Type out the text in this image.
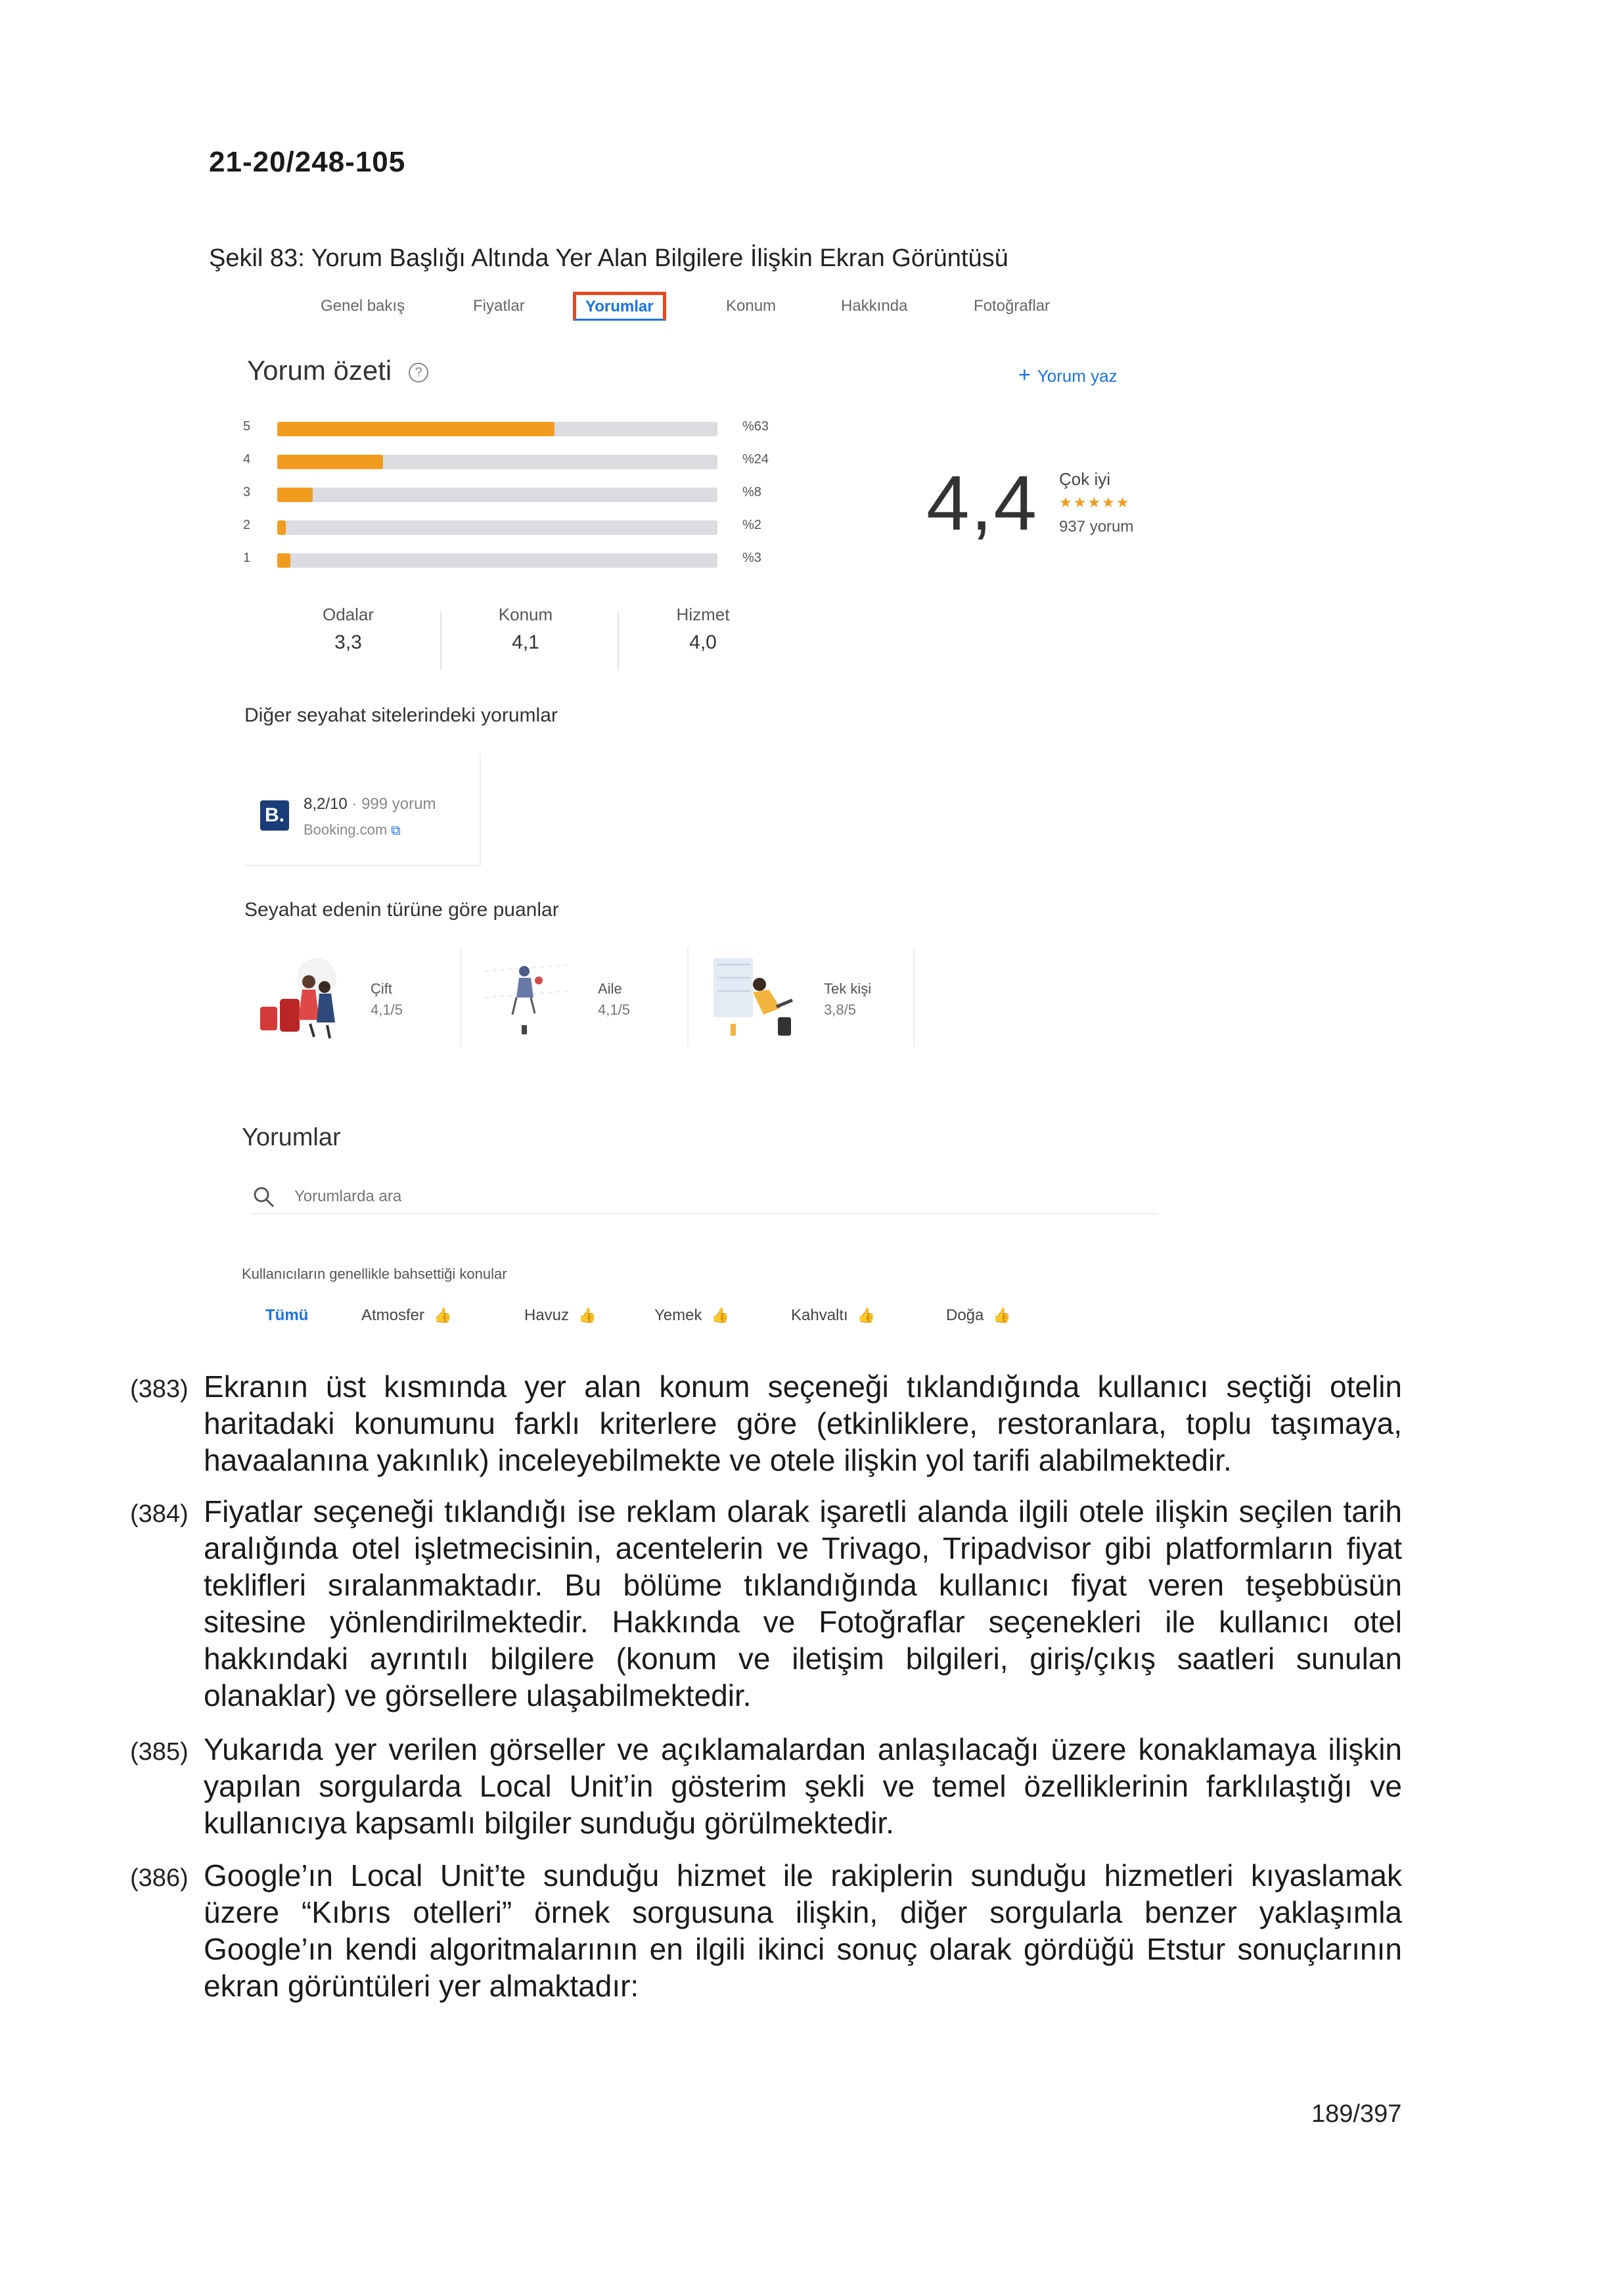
21-20/248-105
Şekil 83: Yorum Başlığı Altında Yer Alan Bilgilere İlişkin Ekran Görüntüsü
Genel bakış	Fiyatlar	Yorumlar	Konum	Hakkında	Fotoğraflar
Yorum özeti	?	+ Yorum yaz
5	%63
4	%24
3	%8
2	%2
1	%3
4,4 Çok iyi
★★★★★
937 yorum
Odalar
3,3
Konum
4,1
Hizmet
4,0
Diğer seyahat sitelerindeki yorumlar
B.
8,2/10 · 999 yorum
Booking.com ⧉
Seyahat edenin türüne göre puanlar
Çift
4,1/5
Aile
4,1/5
Tek kişi
3,8/5
Yorumlar
Yorumlarda ara
Kullanıcıların genellikle bahsettiği konular
Tümü	Atmosfer 👍	Havuz 👍	Yemek 👍	Kahvaltı 👍	Doğa 👍
(383) Ekranın üst kısmında yer alan konum seçeneği tıklandığında kullanıcı seçtiği otelin haritadaki konumunu farklı kriterlere göre (etkinliklere, restoranlara, toplu taşımaya, havaalanına yakınlık) inceleyebilmekte ve otele ilişkin yol tarifi alabilmektedir.
(384) Fiyatlar seçeneği tıklandığı ise reklam olarak işaretli alanda ilgili otele ilişkin seçilen tarih aralığında otel işletmecisinin, acentelerin ve Trivago, Tripadvisor gibi platformların fiyat teklifleri sıralanmaktadır. Bu bölüme tıklandığında kullanıcı fiyat veren teşebbüsün sitesine yönlendirilmektedir. Hakkında ve Fotoğraflar seçenekleri ile kullanıcı otel hakkındaki ayrıntılı bilgilere (konum ve iletişim bilgileri, giriş/çıkış saatleri sunulan olanaklar) ve görsellere ulaşabilmektedir.
(385) Yukarıda yer verilen görseller ve açıklamalardan anlaşılacağı üzere konaklamaya ilişkin yapılan sorgularda Local Unit’in gösterim şekli ve temel özelliklerinin farklılaştığı ve kullanıcıya kapsamlı bilgiler sunduğu görülmektedir.
(386) Google’ın Local Unit’te sunduğu hizmet ile rakiplerin sunduğu hizmetleri kıyaslamak üzere “Kıbrıs otelleri” örnek sorgusuna ilişkin, diğer sorgularla benzer yaklaşımla Google’ın kendi algoritmalarının en ilgili ikinci sonuç olarak gördüğü Etstur sonuçlarının ekran görüntüleri yer almaktadır:
189/397
